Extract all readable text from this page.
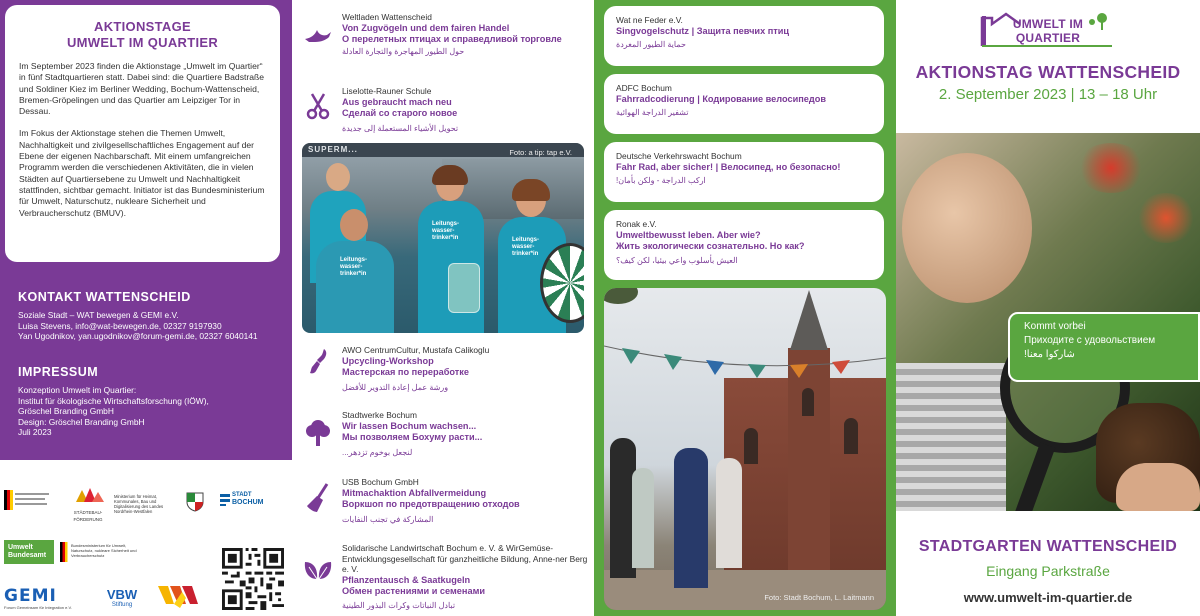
AKTIONSTAGE
UMWELT IM QUARTIER

Im September 2023 finden die Aktionstage „Umwelt im Quartier“ in fünf Stadtquartieren statt. Dabei sind: die Quartiere Badstraße und Soldiner Kiez im Berliner Wedding, Bochum-Wattenscheid, Bremen-Gröpelingen und das Quartier am Leipziger Tor in Dessau.

Im Fokus der Aktionstage stehen die Themen Umwelt, Nachhaltigkeit und zivilgesellschaftliches Engagement auf der Ebene der eigenen Nachbarschaft. Mit einem umfangreichen Programm werden die verschiedenen Aktivitäten, die in vielen Städten auf Quartiersebene zu Umwelt und Nachhaltigkeit stattfinden, sichtbar gemacht. Initiator ist das Bundesministerium für Umwelt, Naturschutz, nukleare Sicherheit und Verbraucherschutz (BMUV).

KONTAKT WATTENSCHEID
Soziale Stadt – WAT bewegen & GEMI e.V.
Luisa Stevens, info@wat-bewegen.de, 02327 9197930
Yan Ugodnikov, yan.ugodnikov@forum-gemi.de, 02327 6040141
IMPRESSUM
Konzeption Umwelt im Quartier:
Institut für ökologische Wirtschaftsforschung (IÖW),
Gröschel Branding GmbH
Design: Gröschel Branding GmbH
Juli 2023
STÄDTEBAU-FÖRDERUNG
Ministerium für Heimat, Kommunales, Bau und Digitalisierung des Landes Nordrhein-Westfalen
STADT
BOCHUM
Umwelt
Bundesamt
Bundesministerium für Umwelt, Naturschutz, nukleare Sicherheit und Verbraucherschutz
GEMI
Forum Gemeinsam für Integration e.V.
VBW
Stiftung
Weltladen Wattenscheid
Von Zugvögeln und dem fairen Handel
О перелетных птицах и справедливой торговле
حول الطيور المهاجرة والتجارة العادلة
Liselotte-Rauner Schule
Aus gebraucht mach neu
Сделай со старого новое
تحويل الأشياء المستعملة إلى جديدة
SUPERM...	Foto: a tip: tap e.V.
Leitungs-wasser-trinker*in
Leitungs-wasser-trinker*in	Leitungs-wasser-trinker*in
AWO CentrumCultur, Mustafa Calikoglu
Upcycling-Workshop
Мастерская по переработке
ورشة عمل إعادة التدوير للأفضل
Stadtwerke Bochum
Wir lassen Bochum wachsen...
Мы позволяем Бохуму расти...
لنجعل بوخوم تزدهر...
USB Bochum GmbH
Mitmachaktion Abfallvermeidung
Воркшоп по предотвращению отходов
المشاركة في تجنب النفايات
Solidarische Landwirtschaft Bochum e. V. & WirGemüse-Entwicklungsgesellschaft für ganzheitliche Bildung, Anne-ner Berg e. V.
Pflanzentausch & Saatkugeln
Обмен растениями и семенами
تبادل النباتات وكرات البذور الطينية
Wat ne Feder e.V.
Singvogelschutz | Защита певчих птиц
حماية الطيور المغردة
ADFC Bochum
Fahrradcodierung | Кодирование велосипедов
تشفير الدراجة الهوائية
Deutsche Verkehrswacht Bochum
Fahr Rad, aber sicher! | Велосипед, но безопасно!
اركب الدراجة - ولكن بأمان!
Ronak e.V.
Umweltbewusst leben. Aber wie?
Жить экологически сознательно. Но как?
العيش بأسلوب واعي بيئيا، لكن كيف؟
Foto: Stadt Bochum, L. Laitmann
UMWELT IM QUARTIER
AKTIONSTAG WATTENSCHEID
2. September 2023 | 13 – 18 Uhr
Kommt vorbei
Приходите с удовольствием
شاركوا معنا!
STADTGARTEN WATTENSCHEID
Eingang Parkstraße
www.umwelt-im-quartier.de
